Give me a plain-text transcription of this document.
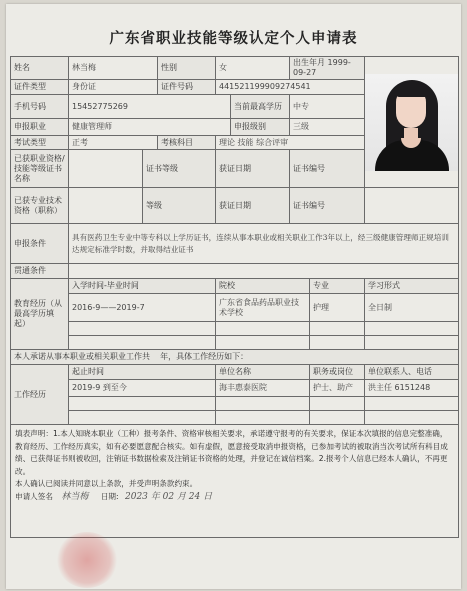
广东省职业技能等级认定个人申请表
姓名	林当梅		性别	女		出生年月 1999-09-27		

证件类型	身份证		证件号码	441521199909274541				
手机号码	15452775269				当前最高学历	中专		
申报职业	健康管理师				申报级别	三级		
考试类型	正考		考核科目	理论 技能 综合评审				
已获职业资格/技能等级证书名称		证书等级		获证日期		证书编号		
已获专业技术资格（职称）		等级		获证日期		证书编号		
申报条件	具有医药卫生专业中等专科以上学历证书，连续从事本职业或相关职业工作3年以上，经三级健康管理师正规培训达规定标准学时数，并取得结业证书							
贯通条件								
教育经历（从最高学历填起）	入学时间-毕业时间			院校			专业	学习形式
	2016-9——2019-7			广东省食品药品职业技术学校			护理	全日制

本人承诺从事本职业或相关职业工作共 年，具体工作经历如下：								
工作经历	起止时间			单位名称			职务或岗位	单位联系人、电话
	2019-9 到至今			海丰惠泰医院			护士、助产	洪主任 6151248

填表声明：1.本人知晓本职业（工种）报考条件、资格审核相关要求，承诺遵守报考的有关要求，保证本次填报的信息完整准确，教育经历、工作经历真实，如有必要愿意配合核实。如有虚假，愿意接受取消申报资格，已参加考试的被取消当次考试所有科目成绩、已获得证书则被收回，注销证书数据检索及注销证书资格的处理，并登记在诚信档案。2.报考个人信息已经本人确认，不再更改。
本人确认已阅读并同意以上条款，并受声明条款约束。
申请人签名 林当梅 日期: 2023 年 02 月 24 日								
